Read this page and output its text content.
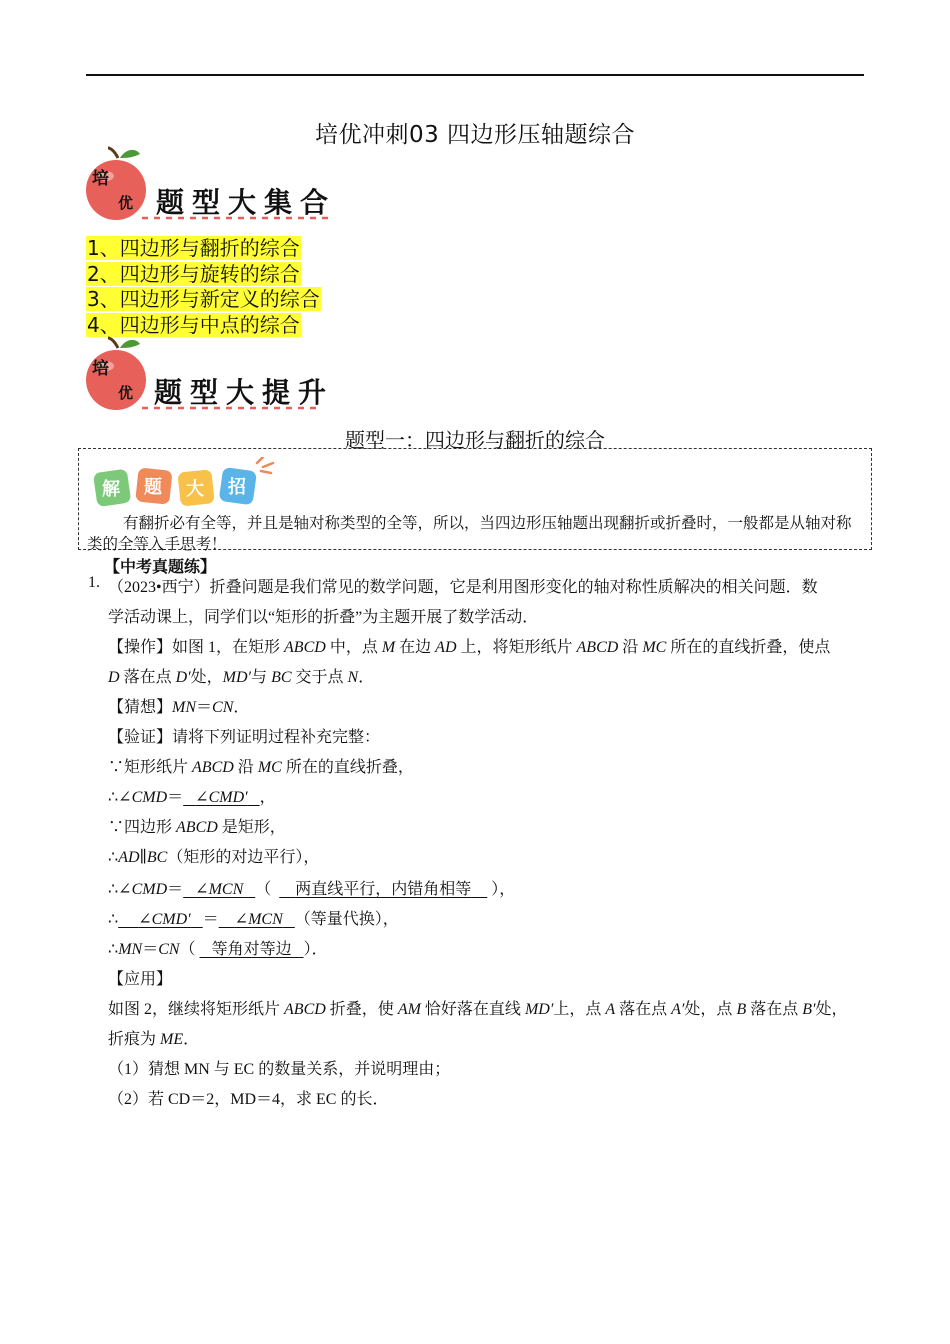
培优冲刺03 四边形压轴题综合
培
优 题型大集合
1、四边形与翻折的综合
2、四边形与旋转的综合
3、四边形与新定义的综合
4、四边形与中点的综合
培
优 题型大提升
题型一：四边形与翻折的综合
解 题 大 招
有翻折必有全等，并且是轴对称类型的全等，所以，当四边形压轴题出现翻折或折叠时，一般都是从轴对称类的全等入手思考！
【中考真题练】
1. （2023•西宁）折叠问题是我们常见的数学问题，它是利用图形变化的轴对称性质解决的相关问题．数
学活动课上，同学们以“矩形的折叠”为主题开展了数学活动．
【操作】如图 1，在矩形 ABCD 中，点 M 在边 AD 上，将矩形纸片 ABCD 沿 MC 所在的直线折叠，使点
D 落在点 D′处，MD′与 BC 交于点 N．
【猜想】MN＝CN．
【验证】请将下列证明过程补充完整：
∵矩形纸片 ABCD 沿 MC 所在的直线折叠，
∴∠CMD＝ ∠CMD′ ，
∵四边形 ABCD 是矩形，
∴AD∥BC（矩形的对边平行），
∴∠CMD＝ ∠MCN （      两直线平行，内错角相等     ），
∴ ∠CMD′ ＝ ∠MCN （等量代换），
∴MN＝CN（    等角对等边 ）．
【应用】
如图 2，继续将矩形纸片 ABCD 折叠，使 AM 恰好落在直线 MD′上，点 A 落在点 A′处，点 B 落在点 B′处，
折痕为 ME．
（1）猜想 MN 与 EC 的数量关系，并说明理由；
（2）若 CD＝2，MD＝4，求 EC 的长．
